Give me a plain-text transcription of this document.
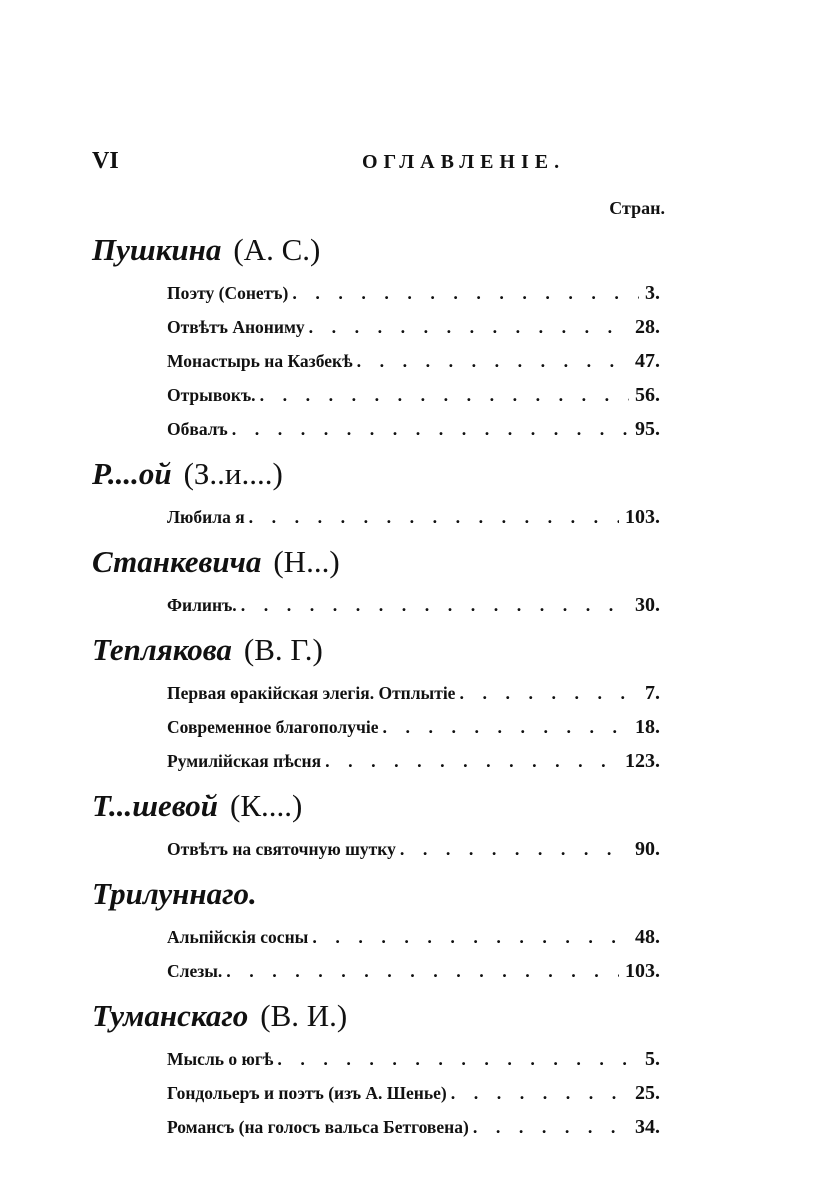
VI	ОГЛАВЛЕНІЕ.
Стран.
Пушкина (А. С.)
Поэту (Сонетъ) . . .	3.
Отвѣтъ Анониму . . .	28.
Монастырь на Казбекѣ . . .	47.
Отрывокъ. . . .	56.
Обвалъ . . .	95.
Р....ой (З..и....)
Любила я . . .	103.
Станкевича (Н...)
Филинъ. . . .	30.
Теплякова (В. Г.)
Первая ѳракійская элегія. Отплытіе . . .	7.
Современное благополучіе . . .	18.
Румилійская пѣсня . . .	123.
Т...шевой (К....)
Отвѣтъ на святочную шутку . . .	90.
Трилуннаго.
Альпійскія сосны . . .	48.
Слезы. . . .	103.
Туманскаго (В. И.)
Мысль о югѣ . . .	5.
Гондольеръ и поэтъ (изъ А. Шенье) . . .	25.
Романсъ (на голосъ вальса Бетговена) . . .	34.
